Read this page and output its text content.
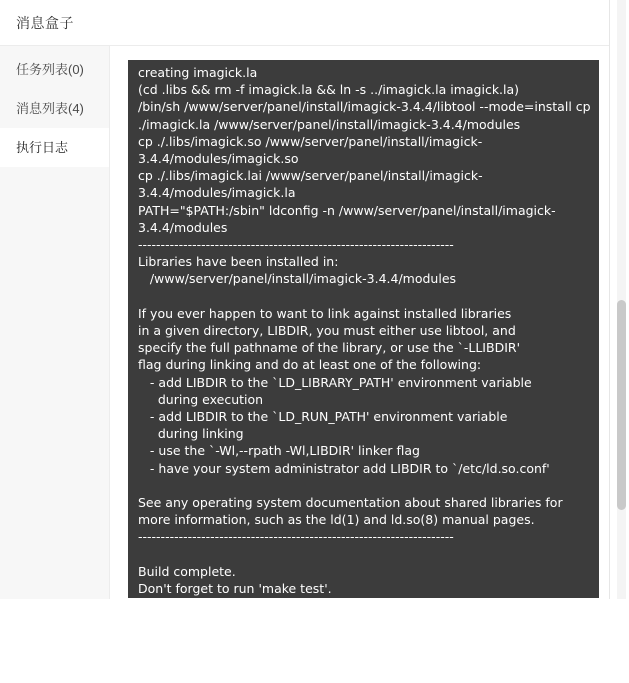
消息盒子
任务列表(0)
消息列表(4)
执行日志
creating imagick.la
(cd .libs && rm -f imagick.la && ln -s ../imagick.la imagick.la)
/bin/sh /www/server/panel/install/imagick-3.4.4/libtool --mode=install cp
./imagick.la /www/server/panel/install/imagick-3.4.4/modules
cp ./.libs/imagick.so /www/server/panel/install/imagick-3.4.4/modules/imagick.so
cp ./.libs/imagick.lai /www/server/panel/install/imagick-3.4.4/modules/imagick.la
PATH="$PATH:/sbin" ldconfig -n /www/server/panel/install/imagick-3.4.4/modules
----------------------------------------------------------------------
Libraries have been installed in:
/www/server/panel/install/imagick-3.4.4/modules

If you ever happen to want to link against installed libraries
in a given directory, LIBDIR, you must either use libtool, and
specify the full pathname of the library, or use the `-LLIBDIR'
flag during linking and do at least one of the following:
- add LIBDIR to the `LD_LIBRARY_PATH' environment variable
during execution
- add LIBDIR to the `LD_RUN_PATH' environment variable
during linking
- use the `-Wl,--rpath -Wl,LIBDIR' linker flag
- have your system administrator add LIBDIR to `/etc/ld.so.conf'

See any operating system documentation about shared libraries for
more information, such as the ld(1) and ld.so(8) manual pages.
----------------------------------------------------------------------

Build complete.
Don't forget to run 'make test'.

Installing shared extensions:     /www/server/php/74/lib/php/extensions/no-debug-non-zts-20190902/
Installing header files:          /www/server/php/74/include/php/
Reload service php-fpm  done
